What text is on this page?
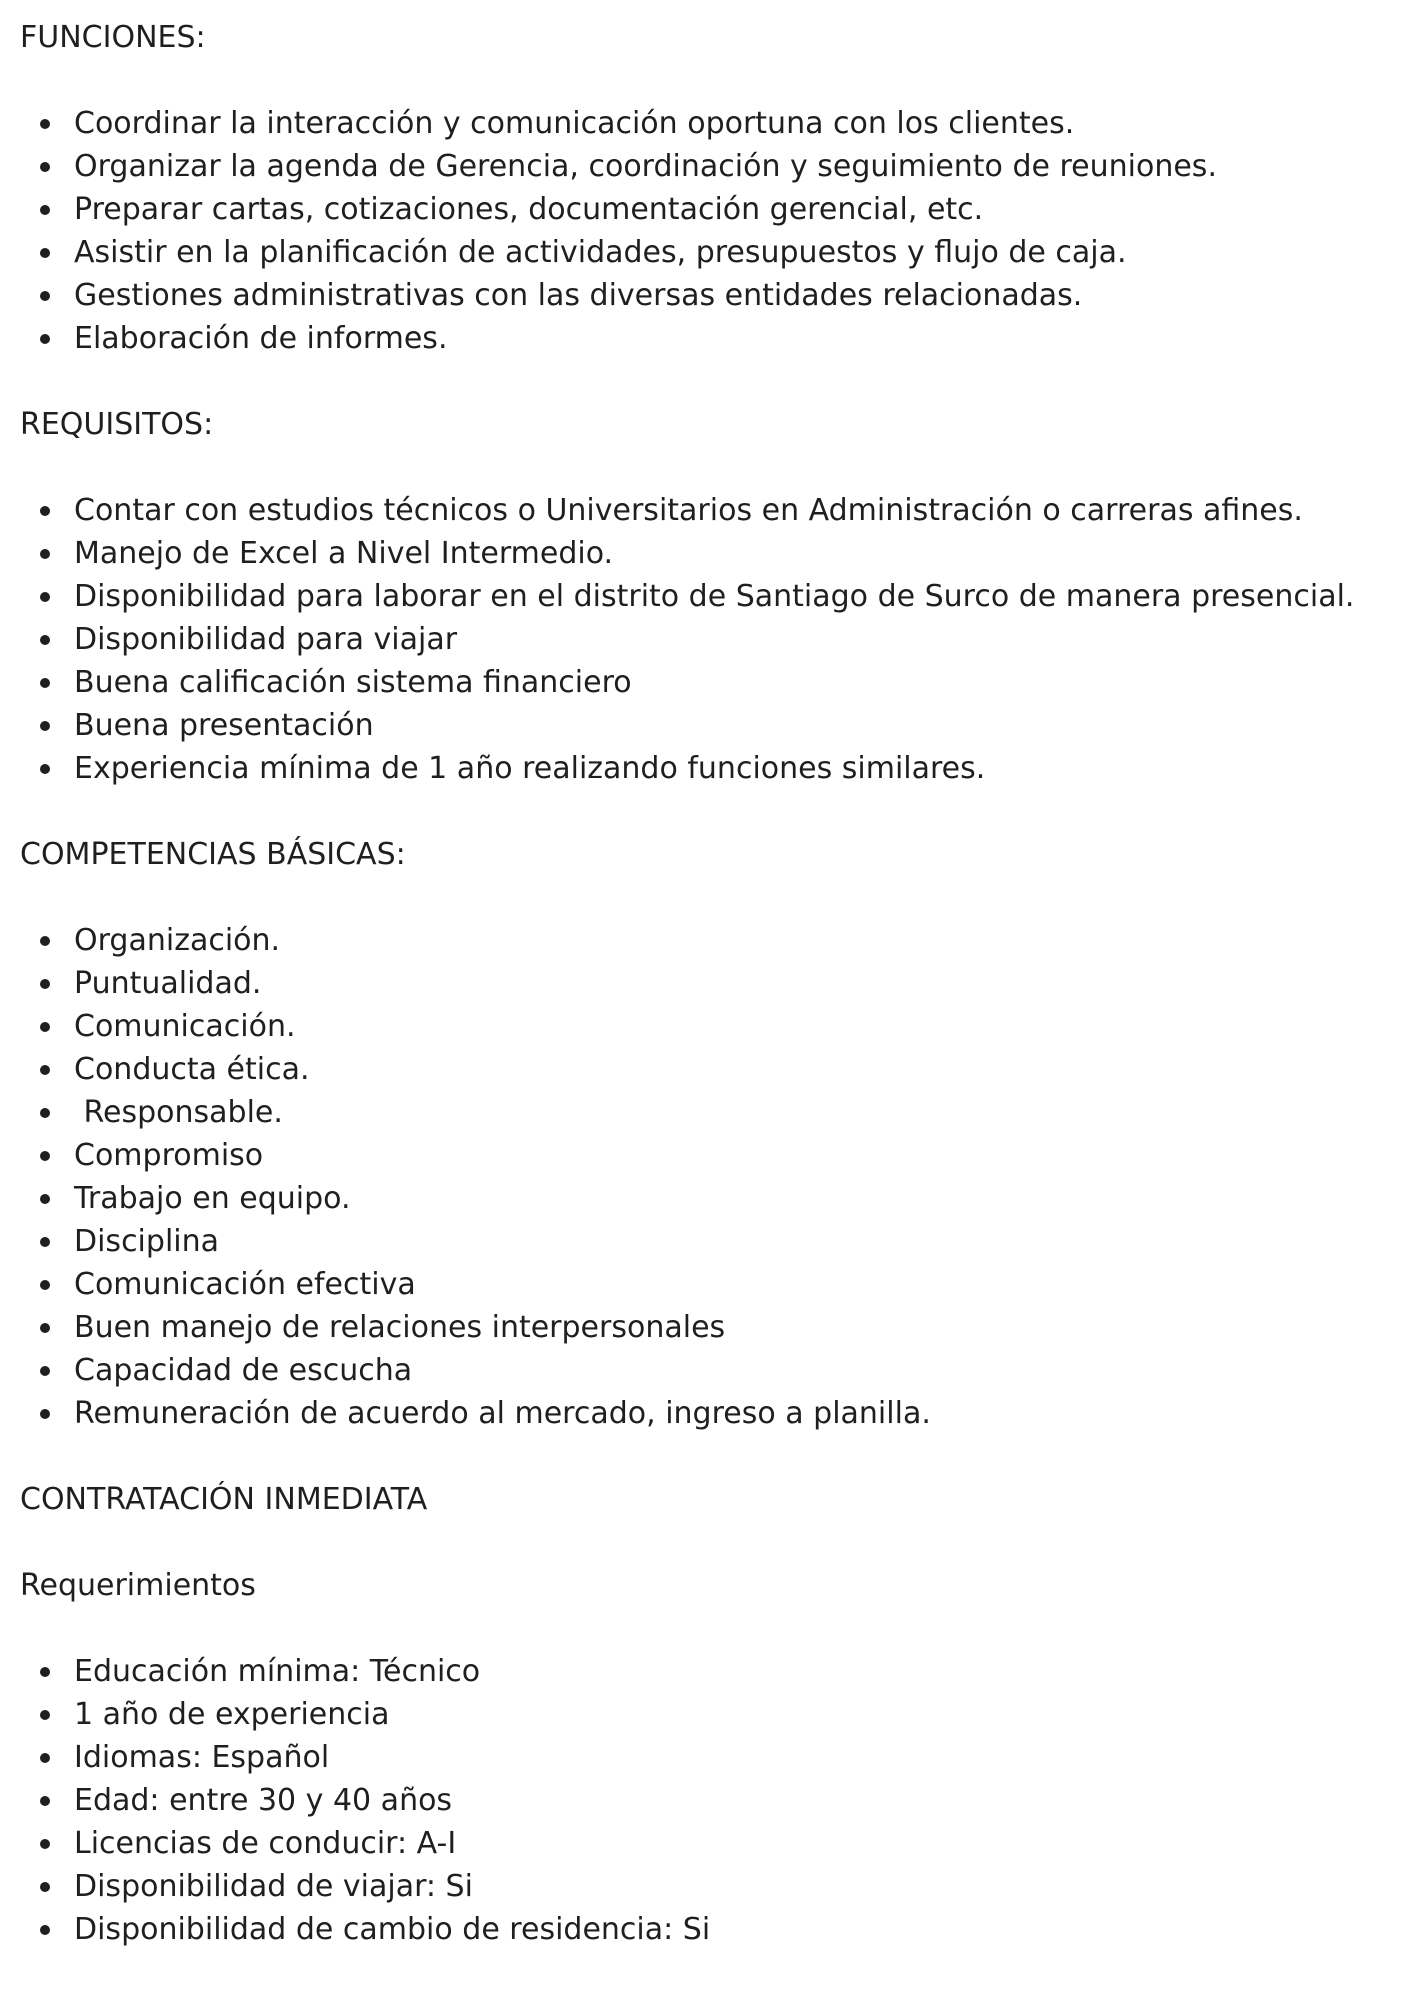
FUNCIONES:

Coordinar la interacción y comunicación oportuna con los clientes.
Organizar la agenda de Gerencia, coordinación y seguimiento de reuniones.
Preparar cartas, cotizaciones, documentación gerencial, etc.
Asistir en la planificación de actividades, presupuestos y flujo de caja.
Gestiones administrativas con las diversas entidades relacionadas.
Elaboración de informes.

REQUISITOS:

Contar con estudios técnicos o Universitarios en Administración o carreras afines.
Manejo de Excel a Nivel Intermedio.
Disponibilidad para laborar en el distrito de Santiago de Surco de manera presencial.
Disponibilidad para viajar
Buena calificación sistema financiero
Buena presentación
Experiencia mínima de 1 año realizando funciones similares.

COMPETENCIAS BÁSICAS:

Organización.
Puntualidad.
Comunicación.
Conducta ética.
Responsable.
Compromiso
Trabajo en equipo.
Disciplina
Comunicación efectiva
Buen manejo de relaciones interpersonales
Capacidad de escucha
Remuneración de acuerdo al mercado, ingreso a planilla.

CONTRATACIÓN INMEDIATA

Requerimientos

Educación mínima: Técnico
1 año de experiencia
Idiomas: Español
Edad: entre 30 y 40 años
Licencias de conducir: A-I
Disponibilidad de viajar: Si
Disponibilidad de cambio de residencia: Si
